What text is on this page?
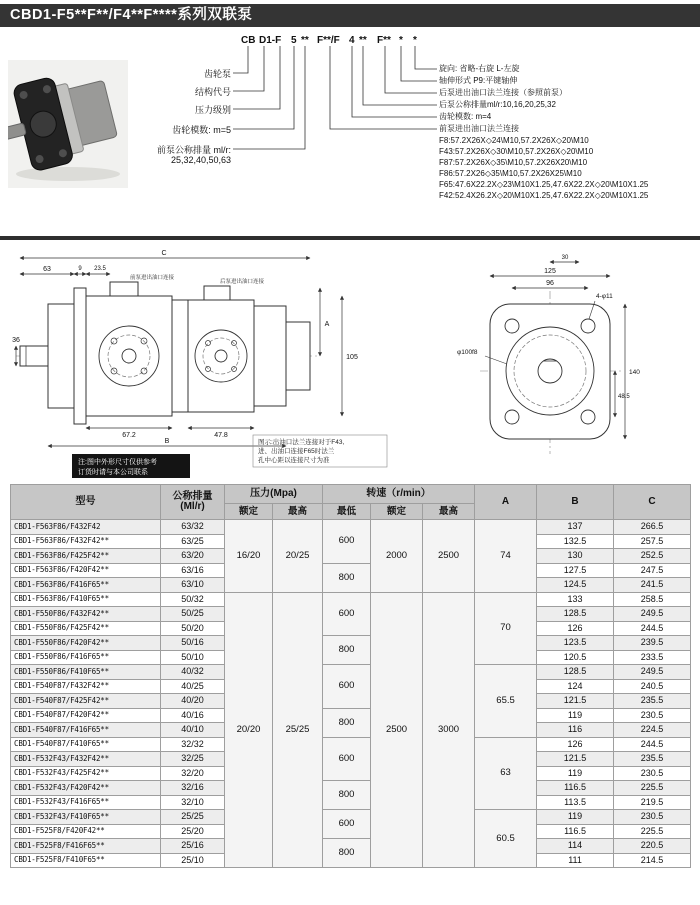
CBD1-F5**F**/F4**F****系列双联泵
CB D1-F 5 ** F**/F 4 ** F** * *
齿轮泵
结构代号
压力级别
齿轮模数: m=5
前泵公称排量 ml/r:
25,32,40,50,63
旋向: 省略-右旋 L-左旋
轴伸形式 P9:平键轴伸
后泵进出油口法兰连接（参照前泵）
后泵公称排量ml/r:10,16,20,25,32
齿轮模数: m=4
前泵进出油口法兰连接
F8:57.2X26X◇24\M10,57.2X26X◇20\M10
F43:57.2X26X◇30\M10,57.2X26X◇20\M10
F87:57.2X26X◇35\M10,57.2X26X20\M10
F86:57.2X26◇35\M10,57.2X26X25\M10
F65:47.6X22.2X◇23\M10X1.25,47.6X22.2X◇20\M10X1.25
F42:52.4X26.2X◇20\M10X1.25,47.6X22.2X◇20\M10X1.25
C
63	9 23.5
36
67.2	47.8
B
A
105
前泵进出油口连接
后泵进出油口连接
图示:出油口法兰连接对于F43,
进、出油口连接F65时法兰
孔中心距以连接尺寸为准
注:图中外形尺寸仅供参考
订货时请与本公司联系
125
96
30
4-φ11
140
48.5
φ100f8
型号	公称排量
(Ml/r)	压力(Mpa)		转速（r/min）			A	B	C
		额定	最高	最低	额定	最高			
CBD1-F563F86/F432F42	63/32	16/20	20/25	600	2000	2500	74	137	266.5
CBD1-F563F86/F432F42**	63/25							132.5	257.5
CBD1-F563F86/F425F42**	63/20							130	252.5
CBD1-F563F86/F420F42**	63/16			800				127.5	247.5
CBD1-F563F86/F416F65**	63/10							124.5	241.5
CBD1-F563F86/F410F65**	50/32	20/20	25/25	600	2500	3000	70	133	258.5
CBD1-F550F86/F432F42**	50/25							128.5	249.5
CBD1-F550F86/F425F42**	50/20							126	244.5
CBD1-F550F86/F420F42**	50/16			800				123.5	239.5
CBD1-F550F86/F416F65**	50/10							120.5	233.5
CBD1-F550F86/F410F65**	40/32			600			65.5	128.5	249.5
CBD1-F540F87/F432F42**	40/25							124	240.5
CBD1-F540F87/F425F42**	40/20							121.5	235.5
CBD1-F540F87/F420F42**	40/16			800				119	230.5
CBD1-F540F87/F416F65**	40/10							116	224.5
CBD1-F540F87/F410F65**	32/32			600			63	126	244.5
CBD1-F532F43/F432F42**	32/25							121.5	235.5
CBD1-F532F43/F425F42**	32/20							119	230.5
CBD1-F532F43/F420F42**	32/16			800				116.5	225.5
CBD1-F532F43/F416F65**	32/10							113.5	219.5
CBD1-F532F43/F410F65**	25/25			600			60.5	119	230.5
CBD1-F525F8/F420F42**	25/20							116.5	225.5
CBD1-F525F8/F416F65**	25/16			800				114	220.5
CBD1-F525F8/F410F65**	25/10							111	214.5
